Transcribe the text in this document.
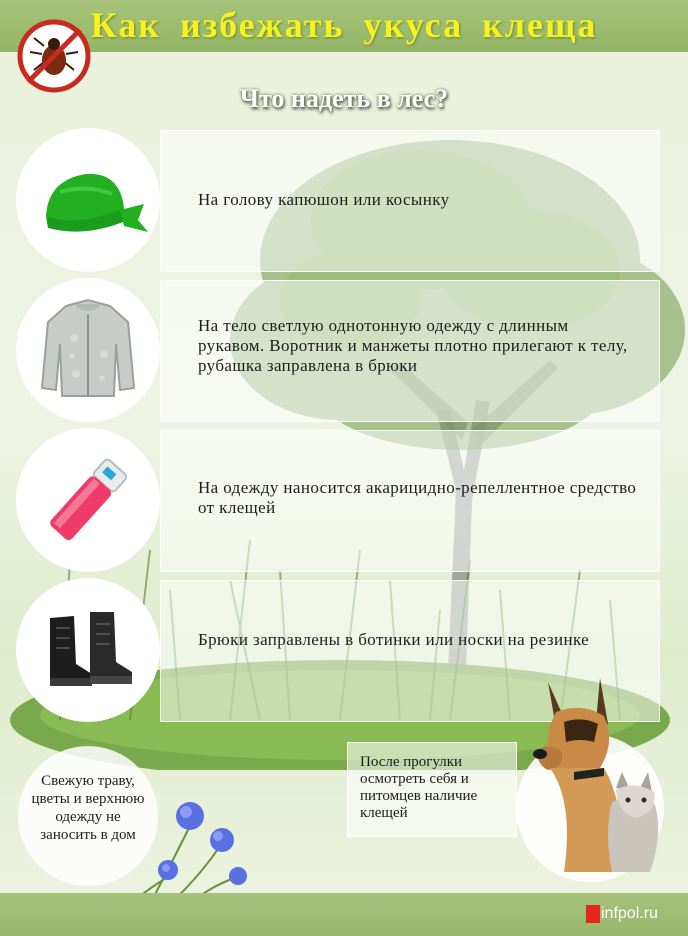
Как избежать укуса клеща
Что надеть в лес?
На голову капюшон или косынку
На тело светлую однотонную одежду с длинным рукавом. Воротник и манжеты плотно прилегают к телу, рубашка заправлена в брюки
На одежду наносится акарицидно-репеллентное средство от клещей
Брюки заправлены в ботинки или носки на резинке
Свежую траву, цветы и верхнюю одежду не заносить в дом
После прогулки осмотреть себя и питомцев наличие клещей
infpol.ru
